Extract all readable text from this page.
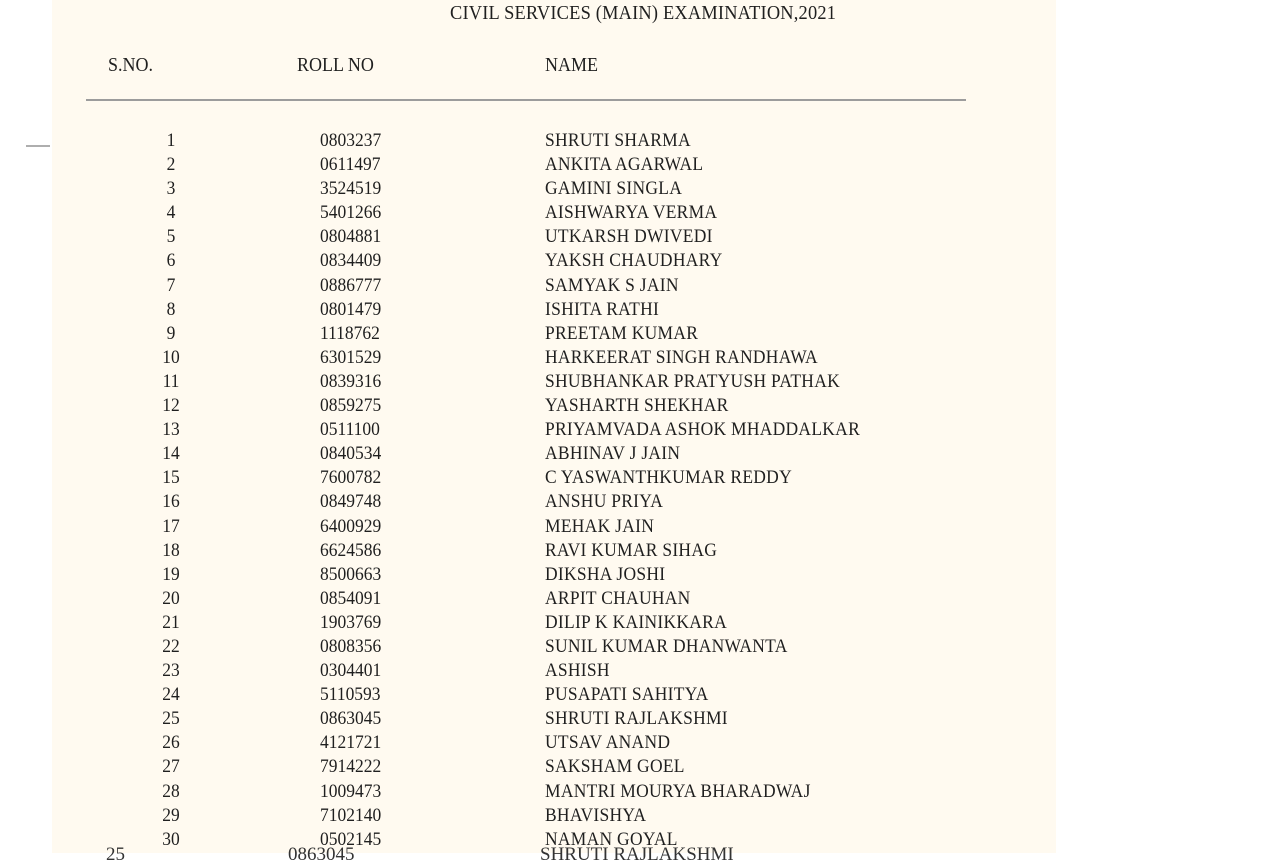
CIVIL SERVICES (MAIN) EXAMINATION,2021
S.NO.	ROLL NO	NAME
1	0803237	SHRUTI SHARMA
2	0611497	ANKITA AGARWAL
3	3524519	GAMINI SINGLA
4	5401266	AISHWARYA VERMA
5	0804881	UTKARSH DWIVEDI
6	0834409	YAKSH CHAUDHARY
7	0886777	SAMYAK S JAIN
8	0801479	ISHITA RATHI
9	1118762	PREETAM KUMAR
10	6301529	HARKEERAT SINGH RANDHAWA
11	0839316	SHUBHANKAR PRATYUSH PATHAK
12	0859275	YASHARTH SHEKHAR
13	0511100	PRIYAMVADA ASHOK MHADDALKAR
14	0840534	ABHINAV J JAIN
15	7600782	C YASWANTHKUMAR REDDY
16	0849748	ANSHU PRIYA
17	6400929	MEHAK JAIN
18	6624586	RAVI KUMAR SIHAG
19	8500663	DIKSHA JOSHI
20	0854091	ARPIT CHAUHAN
21	1903769	DILIP K KAINIKKARA
22	0808356	SUNIL KUMAR DHANWANTA
23	0304401	ASHISH
24	5110593	PUSAPATI SAHITYA
25	0863045	SHRUTI RAJLAKSHMI
26	4121721	UTSAV ANAND
27	7914222	SAKSHAM GOEL
28	1009473	MANTRI MOURYA BHARADWAJ
29	7102140	BHAVISHYA
30	0502145	NAMAN GOYAL
25	0863045	SHRUTI RAJLAKSHMI
